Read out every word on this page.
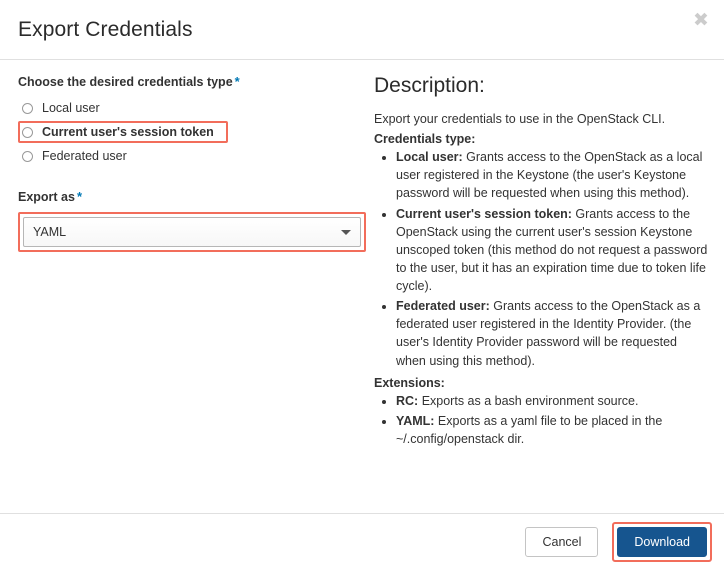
Export Credentials	✖
Choose the desired credentials type *
Local user
Current user's session token
Federated user
Export as *
YAML
Description:

Export your credentials to use in the OpenStack CLI.

Credentials type:
• Local user: Grants access to the OpenStack as a local user registered in the Keystone (the user's Keystone password will be requested when using this method).
• Current user's session token: Grants access to the OpenStack using the current user's session Keystone unscoped token (this method do not request a password to the user, but it has an expiration time due to token life cycle).
• Federated user: Grants access to the OpenStack as a federated user registered in the Identity Provider. (the user's Identity Provider password will be requested when using this method).
Extensions:
• RC: Exports as a bash environment source.
• YAML: Exports as a yaml file to be placed in the ~/.config/openstack dir.
Cancel	Download
